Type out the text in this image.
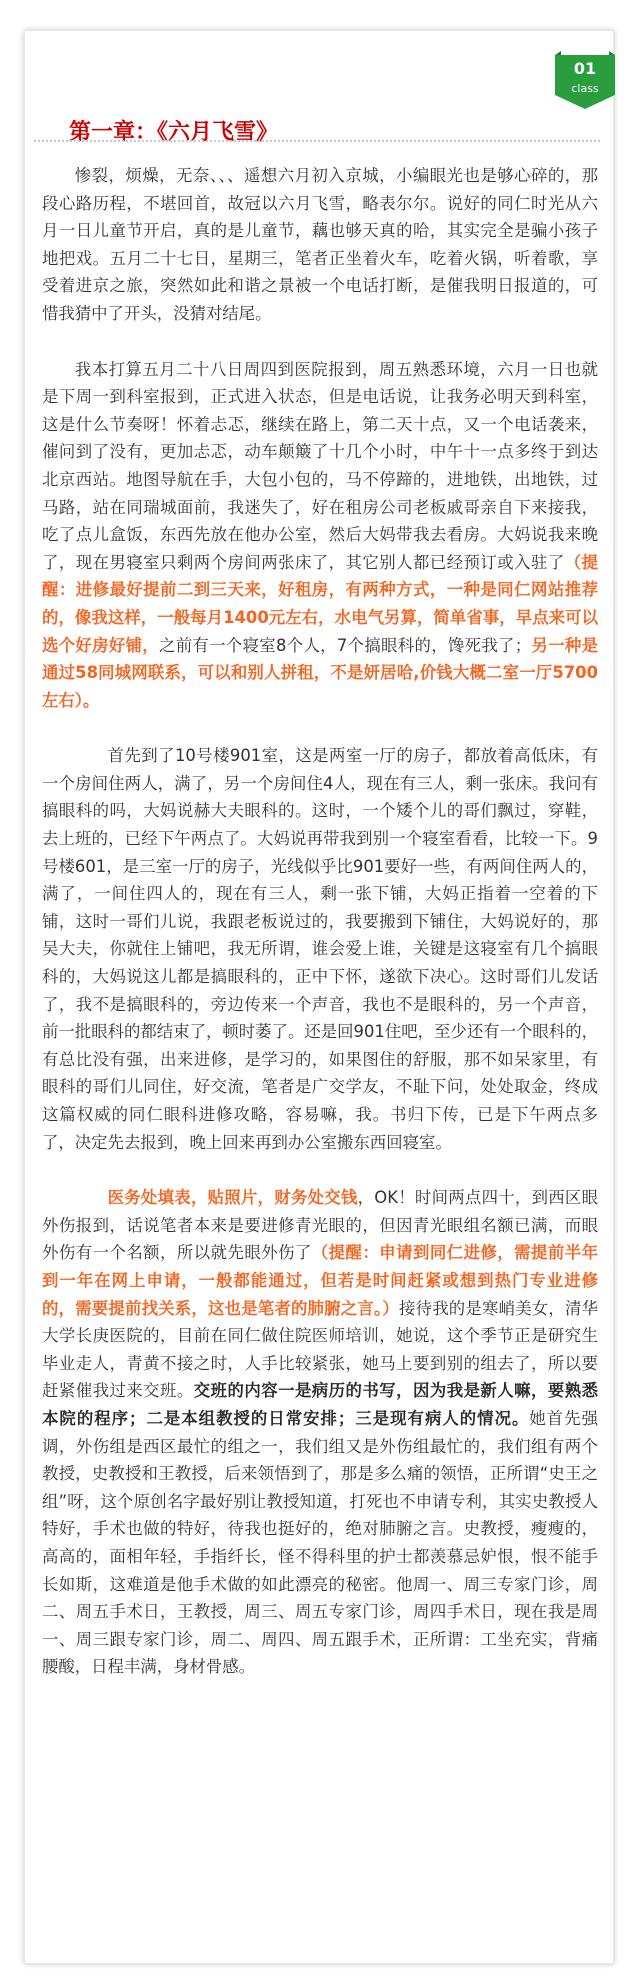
01
class
第一章：《六月飞雪》

惨裂，烦燥，无奈、、、遥想六月初入京城，小编眼光也是够心碎的，那段心路历程，不堪回首，故冠以六月飞雪，略表尔尔。说好的同仁时光从六月一日儿童节开启，真的是儿童节，藕也够天真的哈，其实完全是骗小孩子地把戏。五月二十七日，星期三，笔者正坐着火车，吃着火锅，听着歌，享受着进京之旅，突然如此和谐之景被一个电话打断，是催我明日报道的，可惜我猜中了开头，没猜对结尾。

我本打算五月二十八日周四到医院报到，周五熟悉环境，六月一日也就是下周一到科室报到，正式进入状态，但是电话说，让我务必明天到科室，这是什么节奏呀！怀着忐忑，继续在路上，第二天十点，又一个电话袭来，催问到了没有，更加忐忑，动车颠簸了十几个小时，中午十一点多终于到达北京西站。地图导航在手，大包小包的，马不停蹄的，进地铁，出地铁，过马路，站在同瑞城面前，我迷失了，好在租房公司老板戚哥亲自下来接我，吃了点儿盒饭，东西先放在他办公室，然后大妈带我去看房。大妈说我来晚了，现在男寝室只剩两个房间两张床了，其它别人都已经预订或入驻了（提醒：进修最好提前二到三天来，好租房，有两种方式，一种是同仁网站推荐的，像我这样，一般每月1400元左右，水电气另算，简单省事，早点来可以选个好房好铺，之前有一个寝室8个人，7个搞眼科的，馋死我了；另一种是通过58同城网联系，可以和别人拼租，不是妍居哈,价钱大概二室一厅5700左右）。

首先到了10号楼901室，这是两室一厅的房子，都放着高低床，有一个房间住两人，满了，另一个房间住4人，现在有三人，剩一张床。我问有搞眼科的吗，大妈说赫大夫眼科的。这时，一个矮个儿的哥们飘过，穿鞋，去上班的，已经下午两点了。大妈说再带我到别一个寝室看看，比较一下。9号楼601，是三室一厅的房子，光线似乎比901要好一些，有两间住两人的，满了，一间住四人的，现在有三人，剩一张下铺，大妈正指着一空着的下铺，这时一哥们儿说，我跟老板说过的，我要搬到下铺住，大妈说好的，那吴大夫，你就住上铺吧，我无所谓，谁会爱上谁，关键是这寝室有几个搞眼科的，大妈说这儿都是搞眼科的，正中下怀，遂欲下决心。这时哥们儿发话了，我不是搞眼科的，旁边传来一个声音，我也不是眼科的，另一个声音，前一批眼科的都结束了，顿时萎了。还是回901住吧，至少还有一个眼科的，有总比没有强，出来进修，是学习的，如果图住的舒服，那不如呆家里，有眼科的哥们儿同住，好交流，笔者是广交学友，不耻下问，处处取金，终成这篇权威的同仁眼科进修攻略，容易嘛，我。书归下传，已是下午两点多了，决定先去报到，晚上回来再到办公室搬东西回寝室。

医务处填表，贴照片，财务处交钱，OK！时间两点四十，到西区眼外伤报到，话说笔者本来是要进修青光眼的，但因青光眼组名额已满，而眼外伤有一个名额，所以就先眼外伤了（提醒：申请到同仁进修，需提前半年到一年在网上申请，一般都能通过，但若是时间赶紧或想到热门专业进修的，需要提前找关系，这也是笔者的肺腑之言。）接待我的是寒峭美女，清华大学长庚医院的，目前在同仁做住院医师培训，她说，这个季节正是研究生毕业走人，青黄不接之时，人手比较紧张，她马上要到别的组去了，所以要赶紧催我过来交班。交班的内容一是病历的书写，因为我是新人嘛，要熟悉本院的程序；二是本组教授的日常安排；三是现有病人的情况。她首先强调，外伤组是西区最忙的组之一，我们组又是外伤组最忙的，我们组有两个教授，史教授和王教授，后来领悟到了，那是多么痛的领悟，正所谓“史王之组”呀，这个原创名字最好别让教授知道，打死也不申请专利，其实史教授人特好，手术也做的特好，待我也挺好的，绝对肺腑之言。史教授，瘦瘦的，高高的，面相年轻，手指纤长，怪不得科里的护士都羡慕忌妒恨，恨不能手长如斯，这难道是他手术做的如此漂亮的秘密。他周一、周三专家门诊，周二、周五手术日，王教授，周三、周五专家门诊，周四手术日，现在我是周一、周三跟专家门诊，周二、周四、周五跟手术，正所谓：工坐充实，背痛腰酸，日程丰满，身材骨感。
